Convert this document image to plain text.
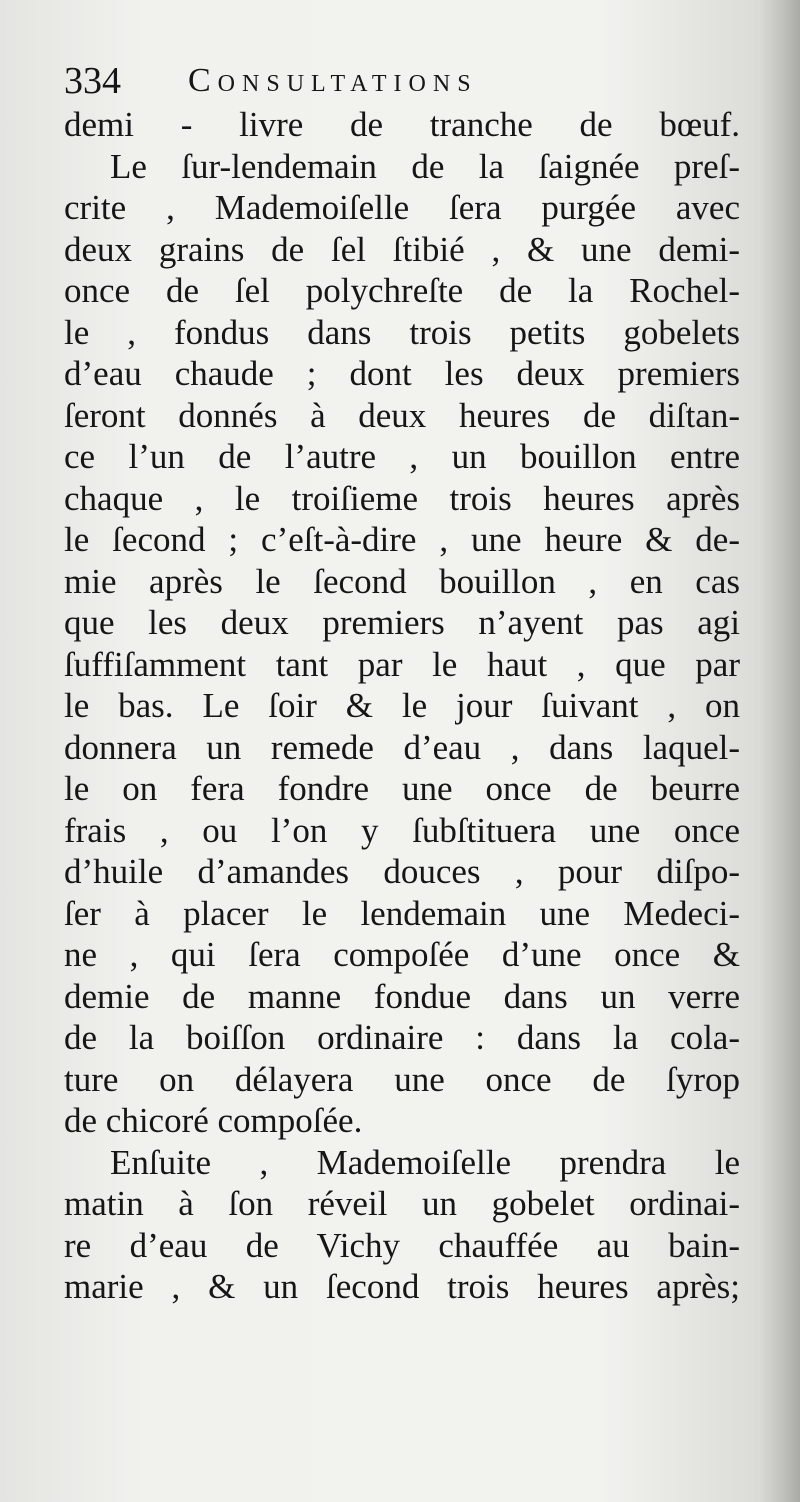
334 Consultations
demi - livre de tranche de bœuf.
Le ſur-lendemain de la ſaignée preſ-
crite , Mademoiſelle ſera purgée avec
deux grains de ſel ſtibié , & une demi-
once de ſel polychreſte de la Rochel-
le , fondus dans trois petits gobelets
d’eau chaude ; dont les deux premiers
ſeront donnés à deux heures de diſtan-
ce l’un de l’autre , un bouillon entre
chaque , le troiſieme trois heures après
le ſecond ; c’eſt-à-dire , une heure & de-
mie après le ſecond bouillon , en cas
que les deux premiers n’ayent pas agi
ſuffiſamment tant par le haut , que par
le bas. Le ſoir & le jour ſuivant , on
donnera un remede d’eau , dans laquel-
le on fera fondre une once de beurre
frais , ou l’on y ſubſtituera une once
d’huile d’amandes douces , pour diſpo-
ſer à placer le lendemain une Medeci-
ne , qui ſera compoſée d’une once &
demie de manne fondue dans un verre
de la boiſſon ordinaire : dans la cola-
ture on délayera une once de ſyrop
de chicoré compoſée.
Enſuite , Mademoiſelle prendra le
matin à ſon réveil un gobelet ordinai-
re d’eau de Vichy chauffée au bain-
marie , & un ſecond trois heures après;
